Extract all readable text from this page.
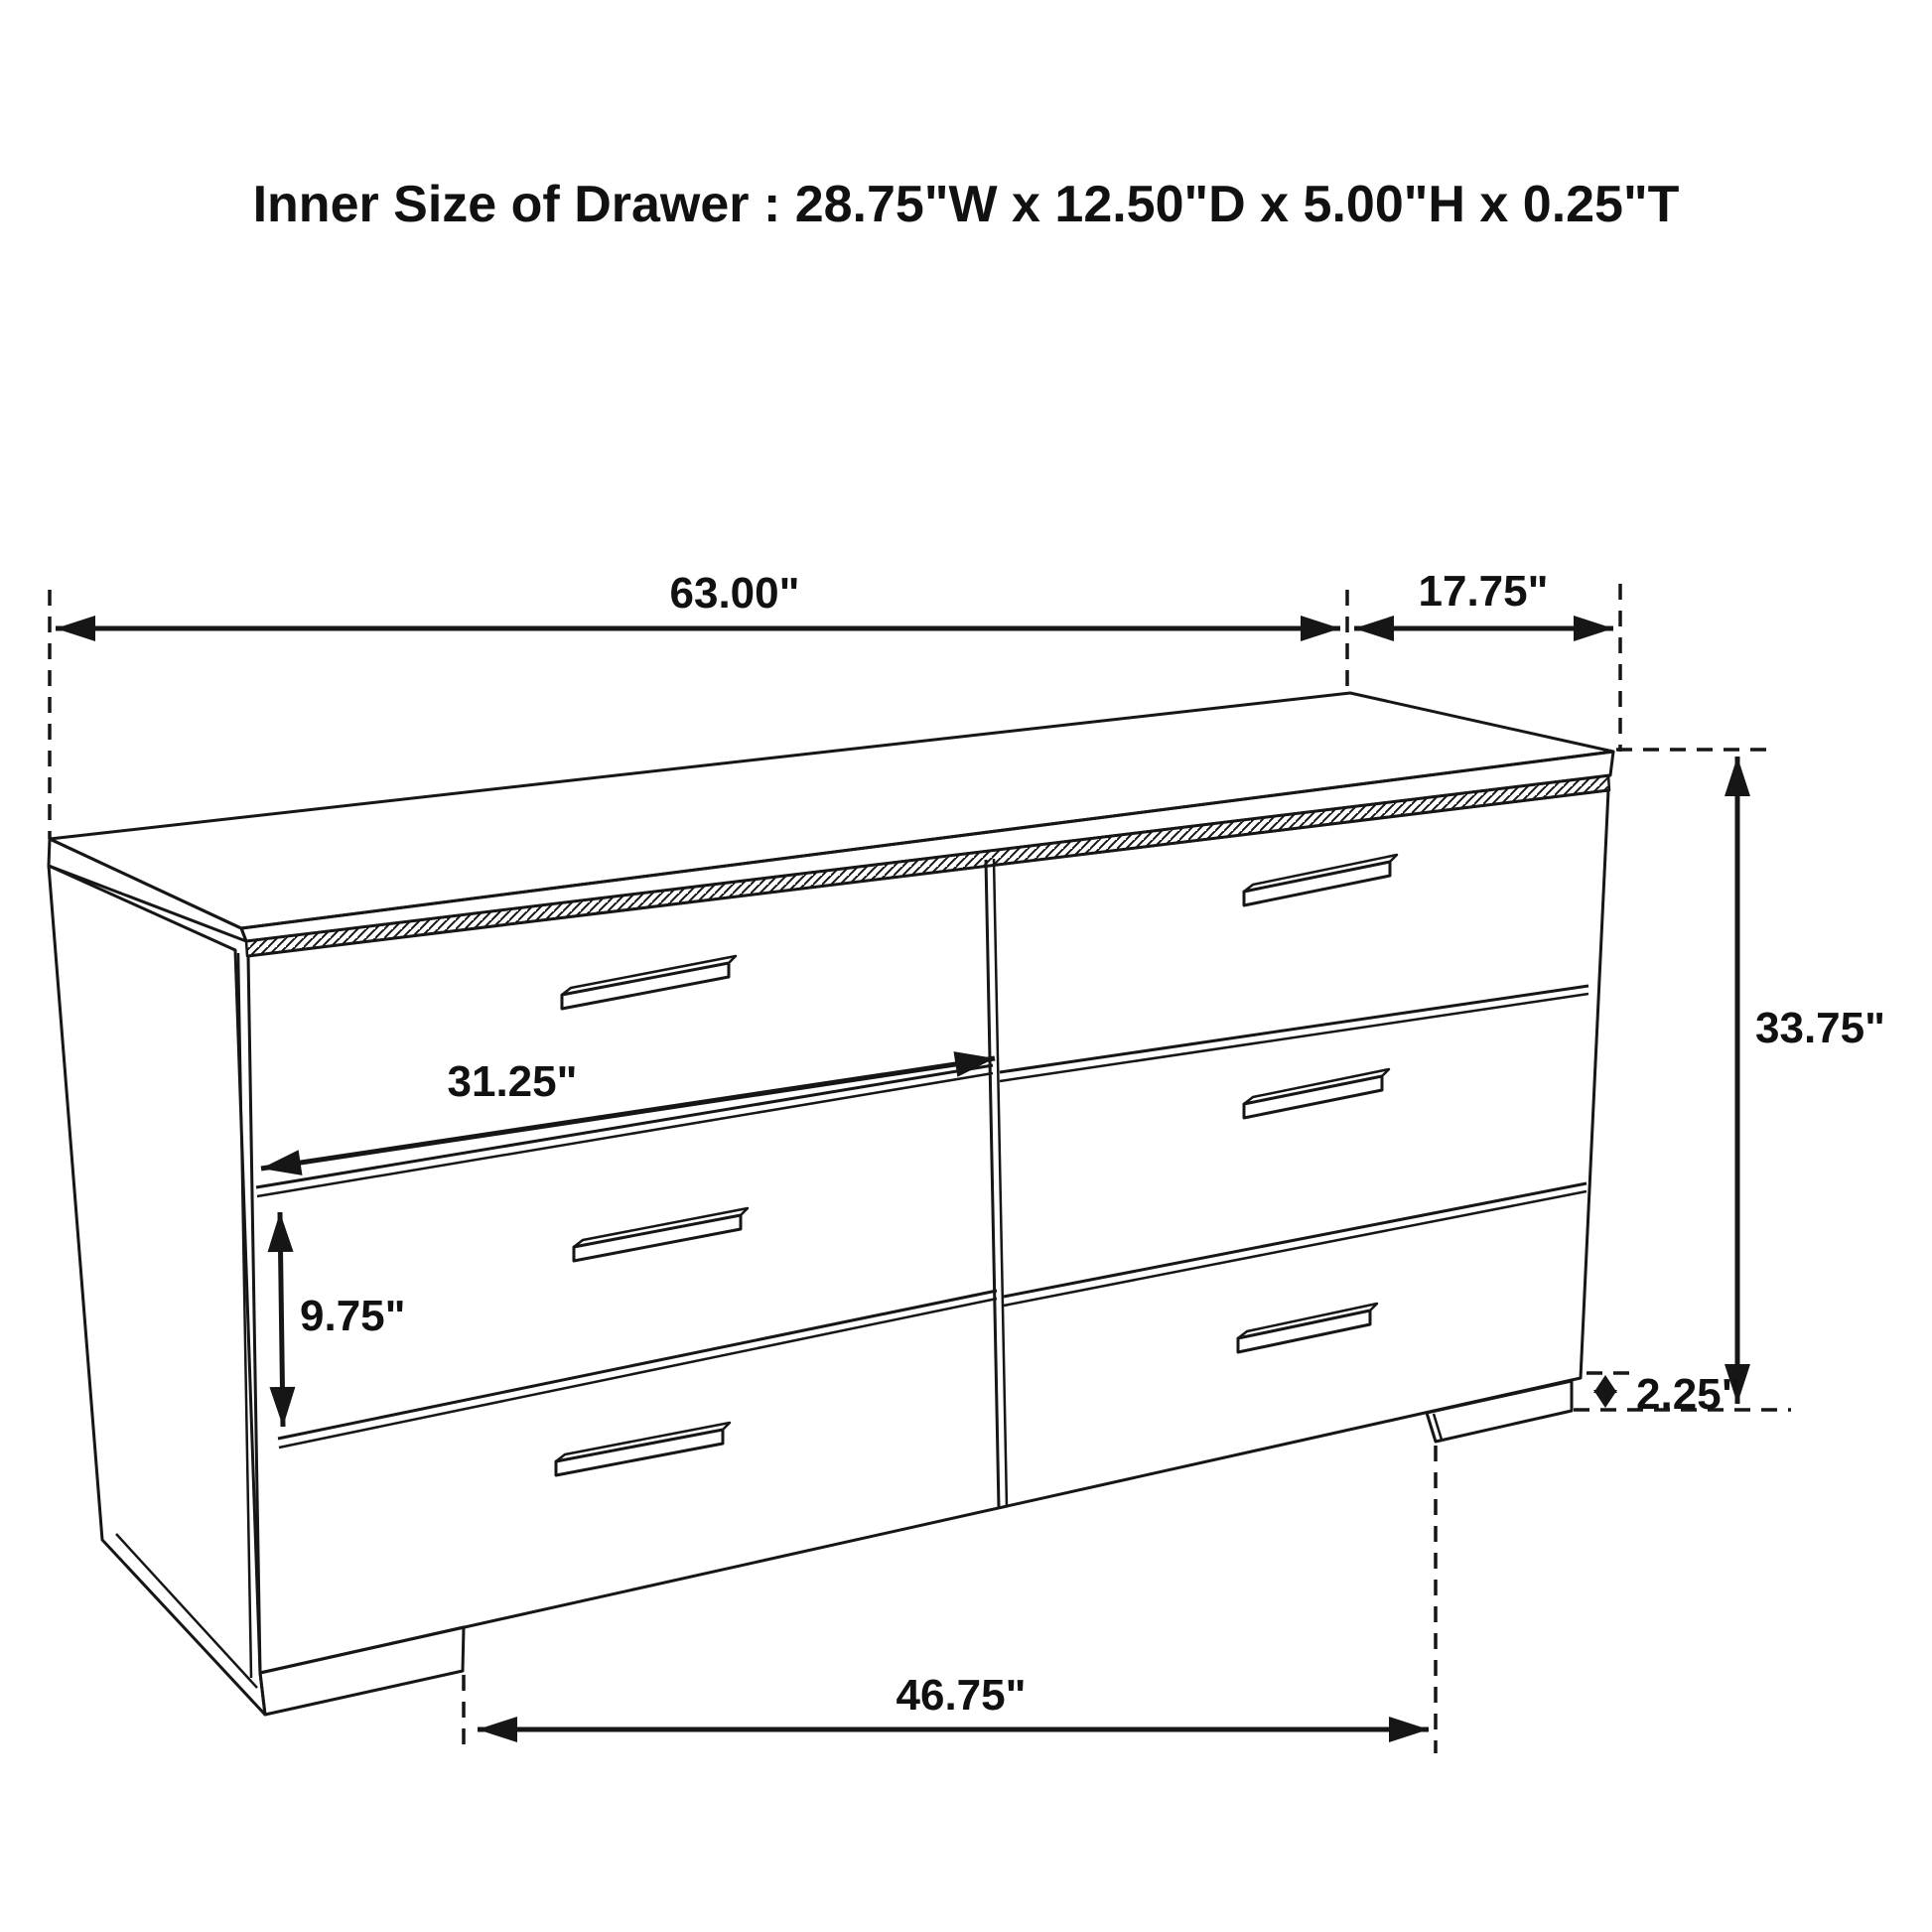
Inner Size of Drawer : 28.75"W x 12.50"D x 5.00"H x 0.25"T
63.00"	17.75"
33.75"
31.25"
9.75"
2.25"
46.75"
